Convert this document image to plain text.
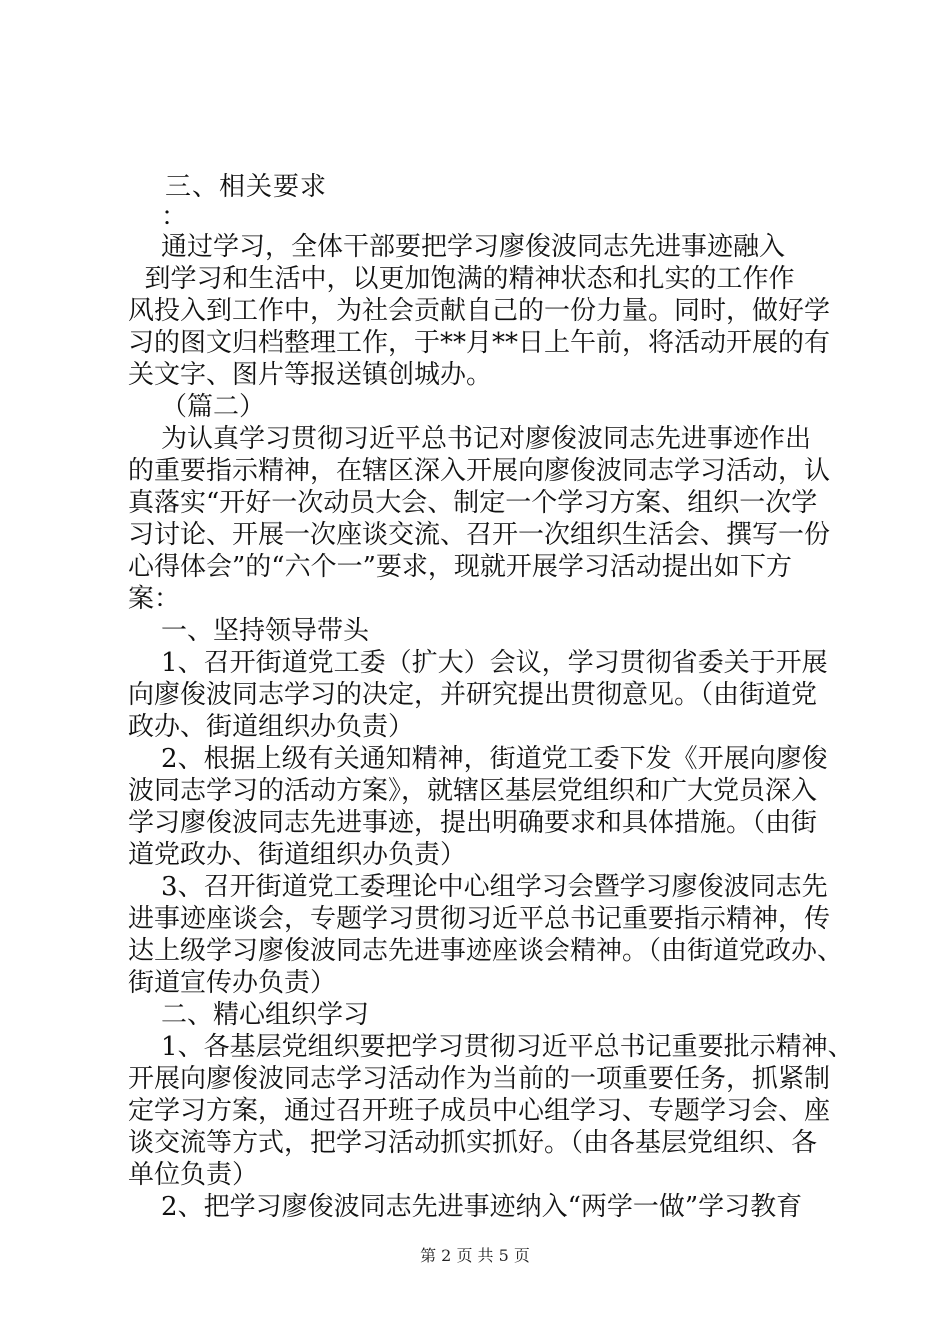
三、相关要求
：
通过学习，全体干部要把学习廖俊波同志先进事迹融入
到学习和生活中，以更加饱满的精神状态和扎实的工作作
风投入到工作中，为社会贡献自己的一份力量。同时，做好学
习的图文归档整理工作，于**月**日上午前，将活动开展的有
关文字、图片等报送镇创城办。
（篇二）
为认真学习贯彻习近平总书记对廖俊波同志先进事迹作出
的重要指示精神，在辖区深入开展向廖俊波同志学习活动，认
真落实“开好一次动员大会、制定一个学习方案、组织一次学
习讨论、开展一次座谈交流、召开一次组织生活会、撰写一份
心得体会”的“六个一”要求，现就开展学习活动提出如下方
案：
一、坚持领导带头
1、召开街道党工委（扩大）会议，学习贯彻省委关于开展
向廖俊波同志学习的决定，并研究提出贯彻意见。（由街道党
政办、街道组织办负责）
2、根据上级有关通知精神，街道党工委下发《开展向廖俊
波同志学习的活动方案》，就辖区基层党组织和广大党员深入
学习廖俊波同志先进事迹，提出明确要求和具体措施。（由街
道党政办、街道组织办负责）
3、召开街道党工委理论中心组学习会暨学习廖俊波同志先
进事迹座谈会，专题学习贯彻习近平总书记重要指示精神，传
达上级学习廖俊波同志先进事迹座谈会精神。（由街道党政办、
街道宣传办负责）
二、精心组织学习
1、各基层党组织要把学习贯彻习近平总书记重要批示精神、
开展向廖俊波同志学习活动作为当前的一项重要任务，抓紧制
定学习方案，通过召开班子成员中心组学习、专题学习会、座
谈交流等方式，把学习活动抓实抓好。（由各基层党组织、各
单位负责）
2、把学习廖俊波同志先进事迹纳入“两学一做”学习教育
第 2 页 共 5 页
